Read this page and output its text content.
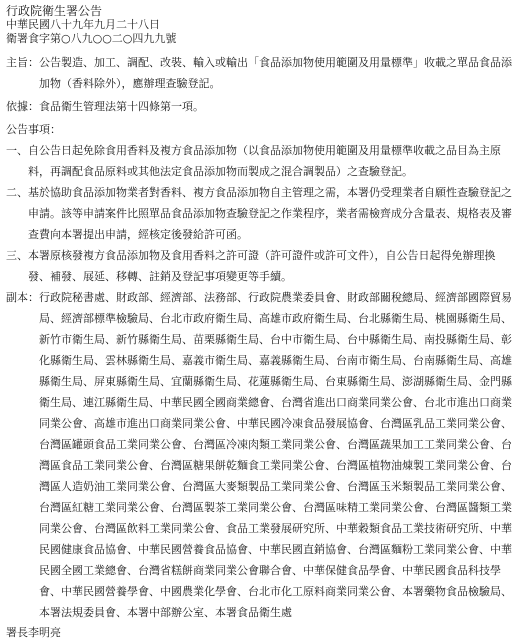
行政院衛生署公告
中華民國八十九年九月二十八日
衛署食字第○八九○○二○四九九號
主旨： 公告製造、加工、調配、改裝、輸入或輸出「食品添加物使用範圍及用量標準」收載之單品食品添加物（香料除外），應辦理查驗登記。
依據： 食品衛生管理法第十四條第一項。
公告事項：
一、 自公告日起免除食用香料及複方食品添加物（以食品添加物使用範圍及用量標準收載之品目為主原料，再調配食品原料或其他法定食品添加物而製成之混合調製品）之查驗登記。
二、 基於協助食品添加物業者對香料、複方食品添加物自主管理之需，本署仍受理業者自願性查驗登記之申請。該等申請案件比照單品食品添加物查驗登記之作業程序，業者需檢齊成分含量表、規格表及審查費向本署提出申請，經核定後發給許可函。
三、 本署原核發複方食品添加物及食用香料之許可證（許可證件或許可文件），自公告日起得免辦理換發、補發、展延、移轉、註銷及登記事項變更等手續。
副本： 行政院秘書處、財政部、經濟部、法務部、行政院農業委員會、財政部關稅總局、經濟部國際貿易局、經濟部標準檢驗局、台北市政府衛生局、高雄市政府衛生局、台北縣衛生局、桃園縣衛生局、新竹市衛生局、新竹縣衛生局、苗栗縣衛生局、台中市衛生局、台中縣衛生局、南投縣衛生局、彰化縣衛生局、雲林縣衛生局、嘉義市衛生局、嘉義縣衛生局、台南市衛生局、台南縣衛生局、高雄縣衛生局、屏東縣衛生局、宜蘭縣衛生局、花蓮縣衛生局、台東縣衛生局、澎湖縣衛生局、金門縣衛生局、連江縣衛生局、中華民國全國商業總會、台灣省進出口商業同業公會、台北市進出口商業同業公會、高雄市進出口商業同業公會、中華民國冷凍食品發展協會、台灣區乳品工業同業公會、台灣區罐頭食品工業同業公會、台灣區冷凍肉類工業同業公會、台灣區蔬果加工工業同業公會、台灣區食品工業同業公會、台灣區糖果餅乾麵食工業同業公會、台灣區植物油煉製工業同業公會、台灣區人造奶油工業同業公會、台灣區大麥類製品工業同業公會、台灣區玉米類製品工業同業公會、台灣區紅糖工業同業公會、台灣區製茶工業同業公會、台灣區味精工業同業公會、台灣區醬類工業同業公會、台灣區飲料工業同業公會、食品工業發展研究所、中華穀類食品工業技術研究所、中華民國健康食品協會、中華民國營養食品協會、中華民國直銷協會、台灣區麵粉工業同業公會、中華民國全國工業總會、台灣省糕餅商業同業公會聯合會、中華保健食品學會、中華民國食品科技學會、中華民國營養學會、中國農業化學會、台北市化工原料商業同業公會、本署藥物食品檢驗局、本署法規委員會、本署中部辦公室、本署食品衛生處
署長李明亮
